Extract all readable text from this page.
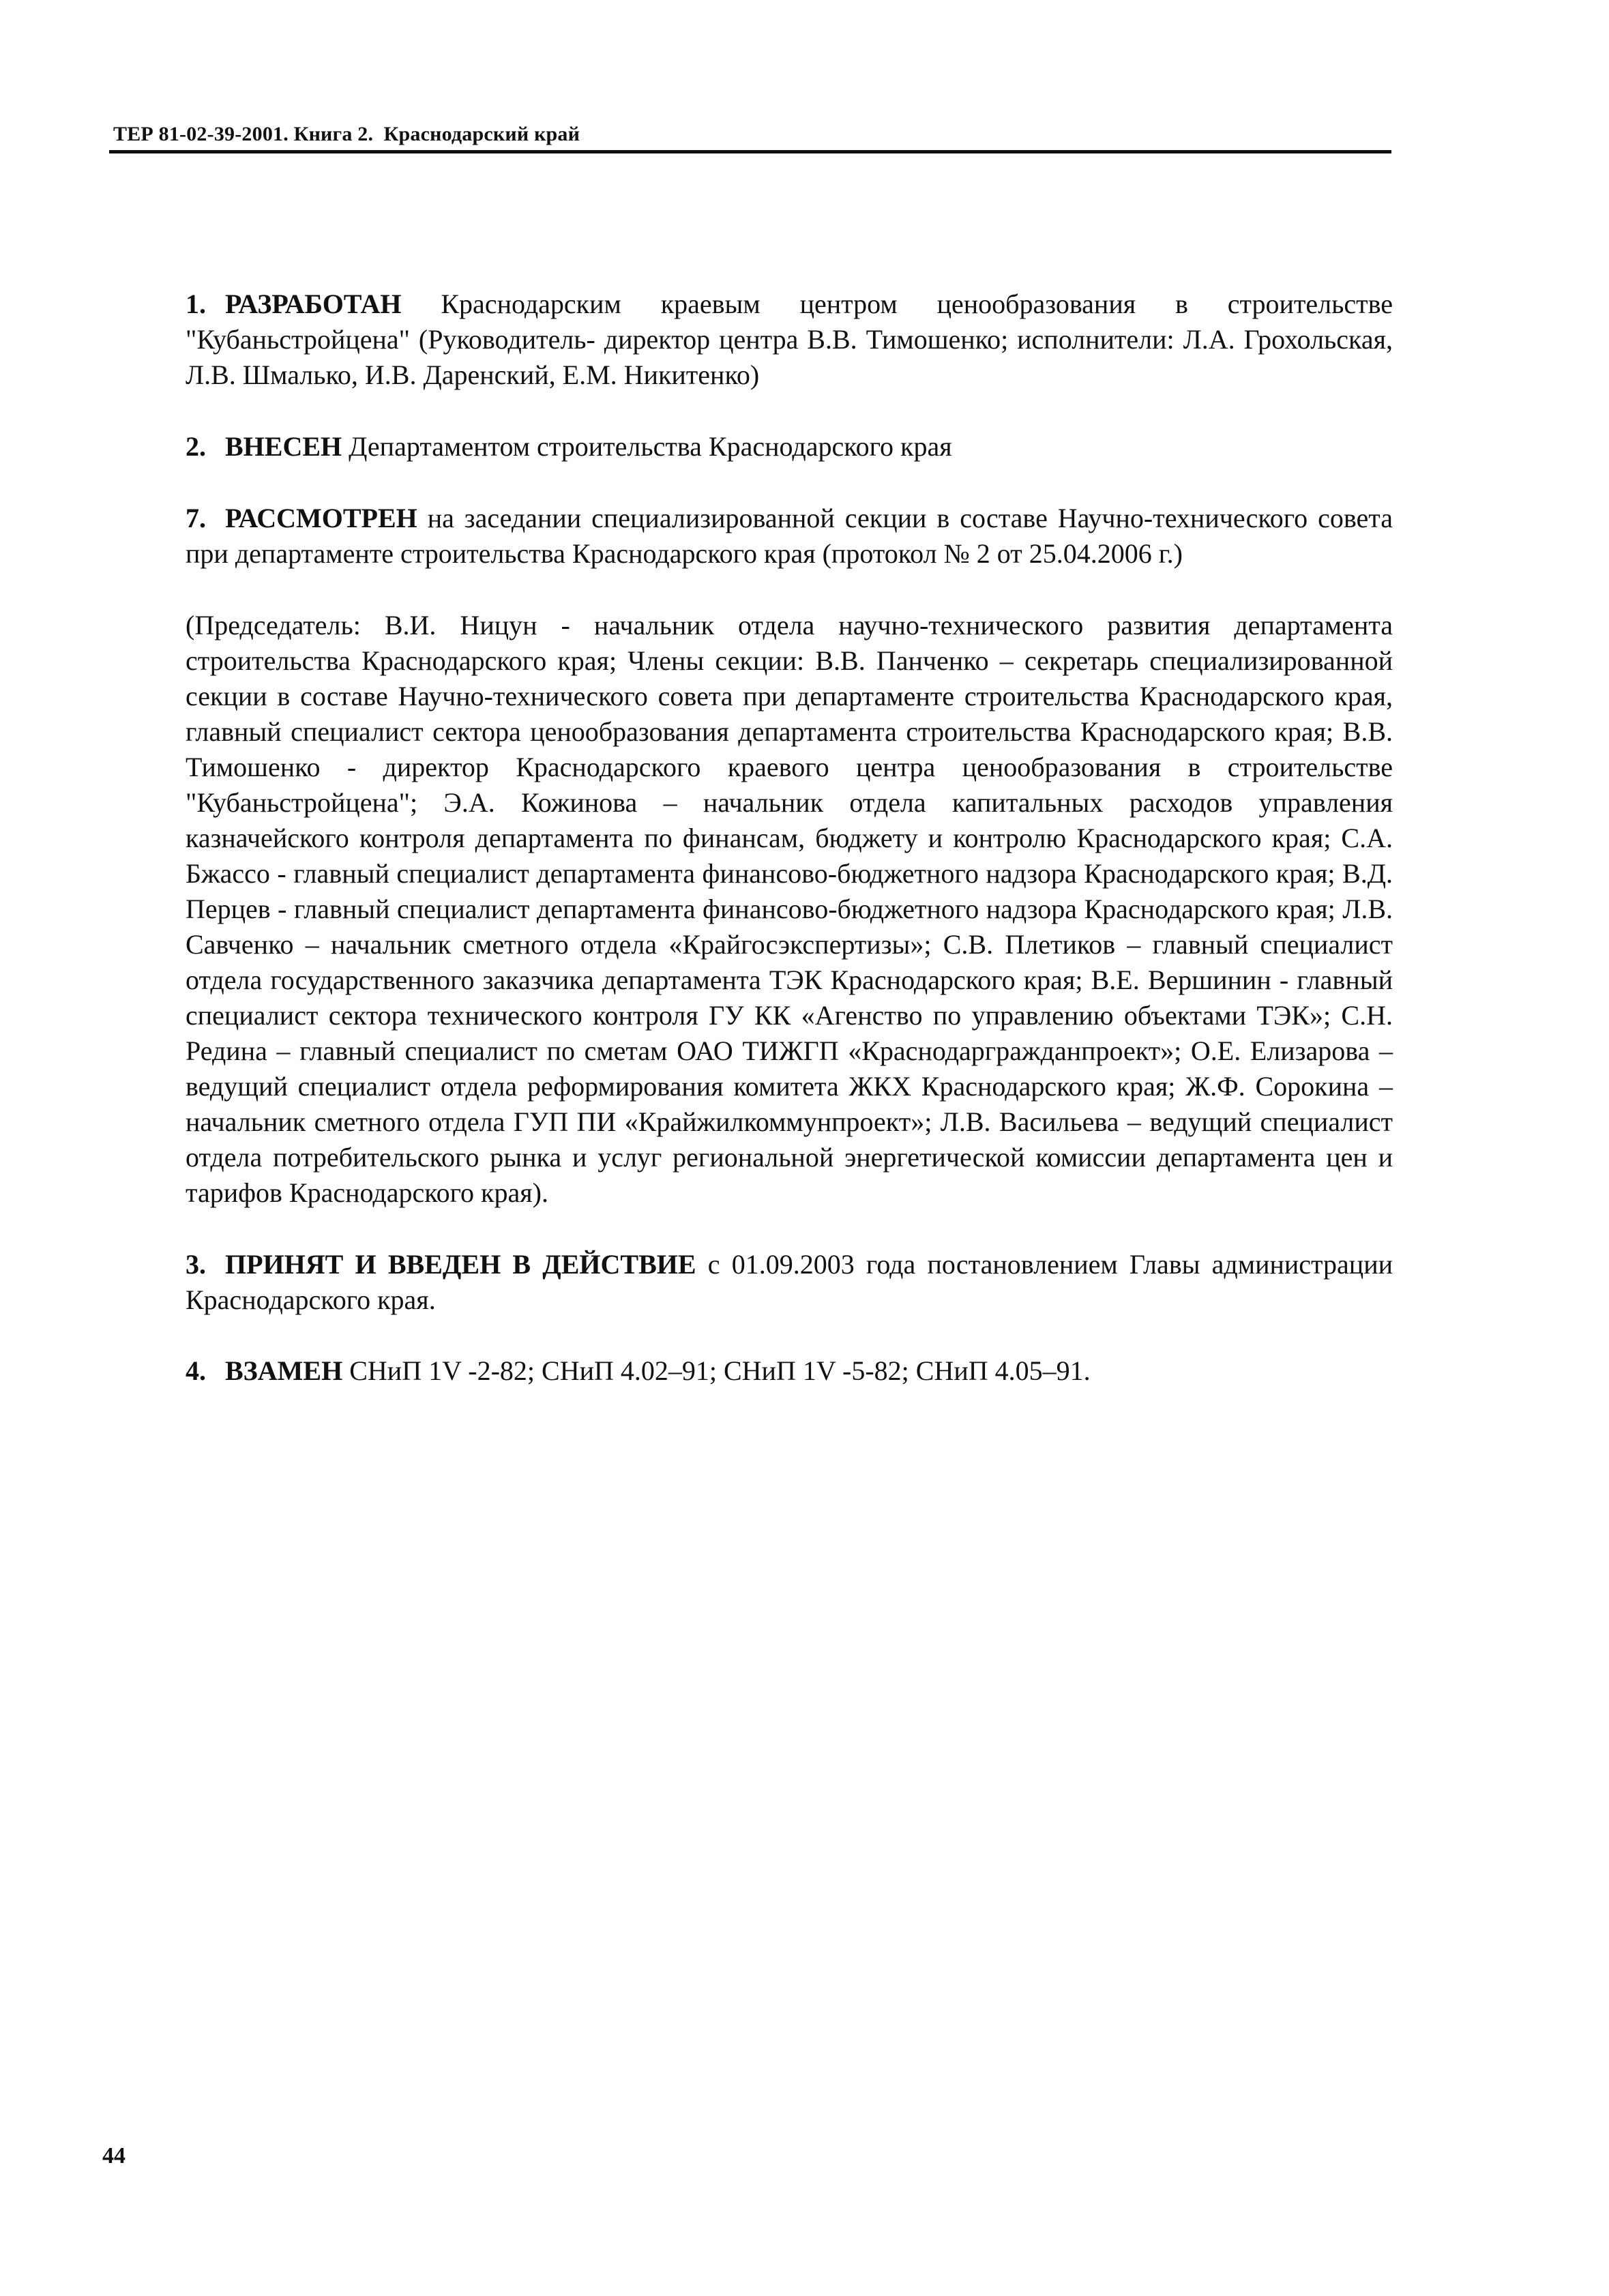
ТЕР 81-02-39-2001. Книга 2.  Краснодарский край

1. РАЗРАБОТАН Краснодарским краевым центром ценообразования в строительстве "Кубаньстройцена" (Руководитель- директор центра В.В. Тимошенко; исполнители: Л.А. Грохольская, Л.В. Шмалько, И.В. Даренский, Е.М. Никитенко)

2. ВНЕСЕН Департаментом строительства Краснодарского края

7. РАССМОТРЕН на заседании специализированной секции в составе Научно-технического совета при департаменте строительства Краснодарского края (протокол № 2 от 25.04.2006 г.)

(Председатель: В.И. Ницун - начальник отдела научно-технического развития департамента строительства Краснодарского края; Члены секции: В.В. Панченко – секретарь специализированной секции в составе Научно-технического совета при департаменте строительства Краснодарского края, главный специалист сектора ценообразования департамента строительства Краснодарского края; В.В. Тимошенко - директор Краснодарского краевого центра ценообразования в строительстве "Кубаньстройцена"; Э.А. Кожинова – начальник отдела капитальных расходов управления казначейского контроля департамента по финансам, бюджету и контролю Краснодарского края; С.А. Бжассо - главный специалист департамента финансово-бюджетного надзора Краснодарского края; В.Д. Перцев - главный специалист департамента финансово-бюджетного надзора Краснодарского края; Л.В. Савченко – начальник сметного отдела «Крайгосэкспертизы»; С.В. Плетиков – главный специалист отдела государственного заказчика департамента ТЭК Краснодарского края; В.Е. Вершинин - главный специалист сектора технического контроля ГУ КК «Агенство по управлению объектами ТЭК»; С.Н. Редина – главный специалист по сметам ОАО ТИЖГП «Краснодаргражданпроект»; О.Е. Елизарова – ведущий специалист отдела реформирования комитета ЖКХ Краснодарского края; Ж.Ф. Сорокина – начальник сметного отдела ГУП ПИ «Крайжилкоммунпроект»; Л.В. Васильева – ведущий специалист отдела потребительского рынка и услуг региональной энергетической комиссии департамента цен и тарифов Краснодарского края).

3. ПРИНЯТ И ВВЕДЕН В ДЕЙСТВИЕ с 01.09.2003 года постановлением Главы администрации Краснодарского края.

4. ВЗАМЕН СНиП 1V -2-82; СНиП 4.02–91; СНиП 1V -5-82; СНиП 4.05–91.

44
